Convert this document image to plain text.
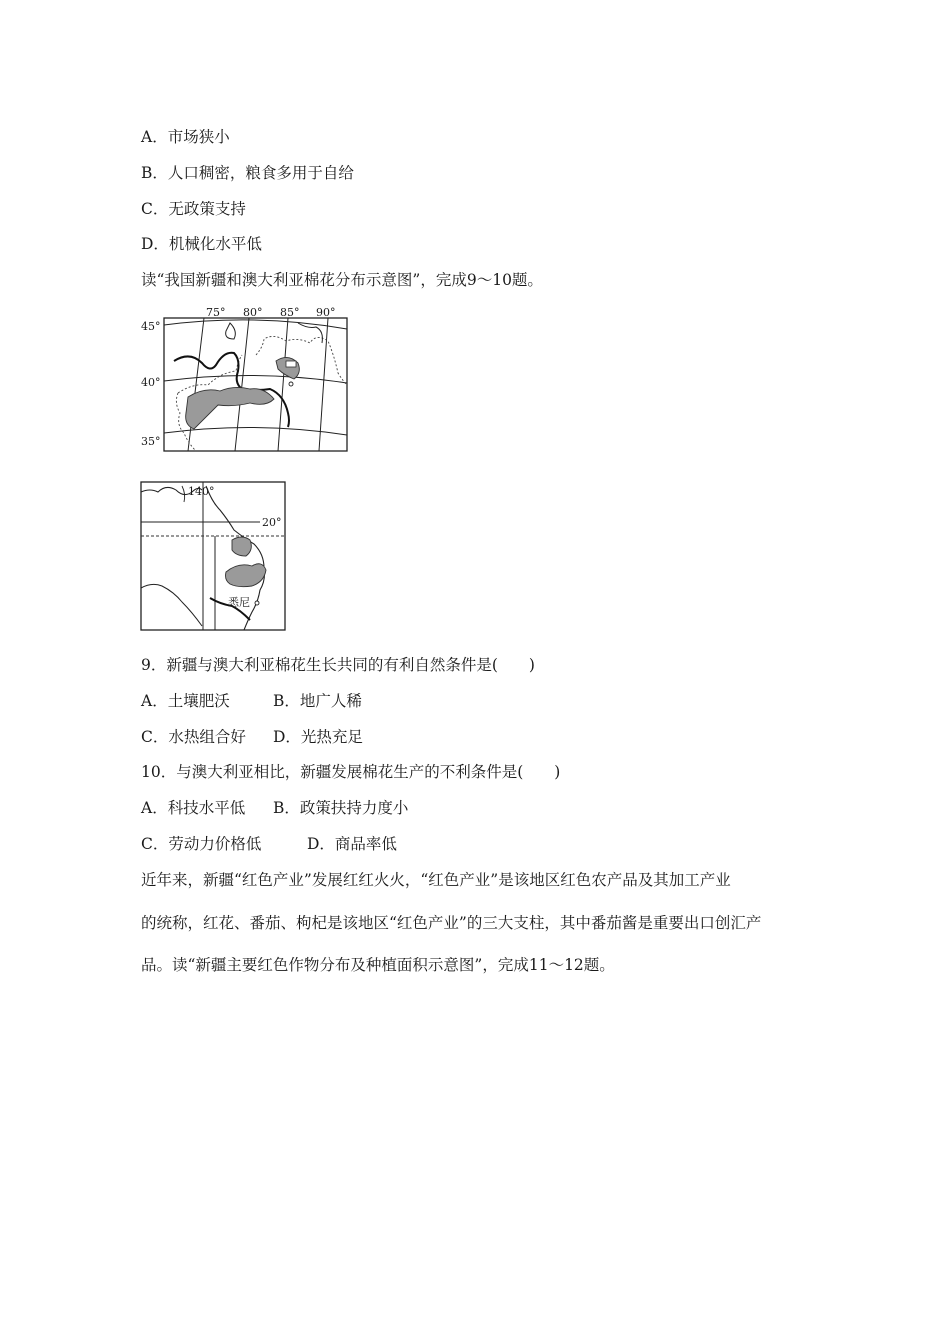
A．市场狭小
B．人口稠密，粮食多用于自给
C．无政策支持
D．机械化水平低
读“我国新疆和澳大利亚棉花分布示意图”，完成9～10题。
75° 80° 85° 90°
45°
40°
35°
140°
20°
悉尼
9．新疆与澳大利亚棉花生长共同的有利自然条件是(　　)
A．土壤肥沃	B．地广人稀
C．水热组合好 D．光热充足
10．与澳大利亚相比，新疆发展棉花生产的不利条件是(　　)
A．科技水平低 B．政策扶持力度小
C．劳动力价格低	D．商品率低
近年来，新疆“红色产业”发展红红火火，“红色产业”是该地区红色农产品及其加工产业
的统称，红花、番茄、枸杞是该地区“红色产业”的三大支柱，其中番茄酱是重要出口创汇产
品。读“新疆主要红色作物分布及种植面积示意图”，完成11～12题。
